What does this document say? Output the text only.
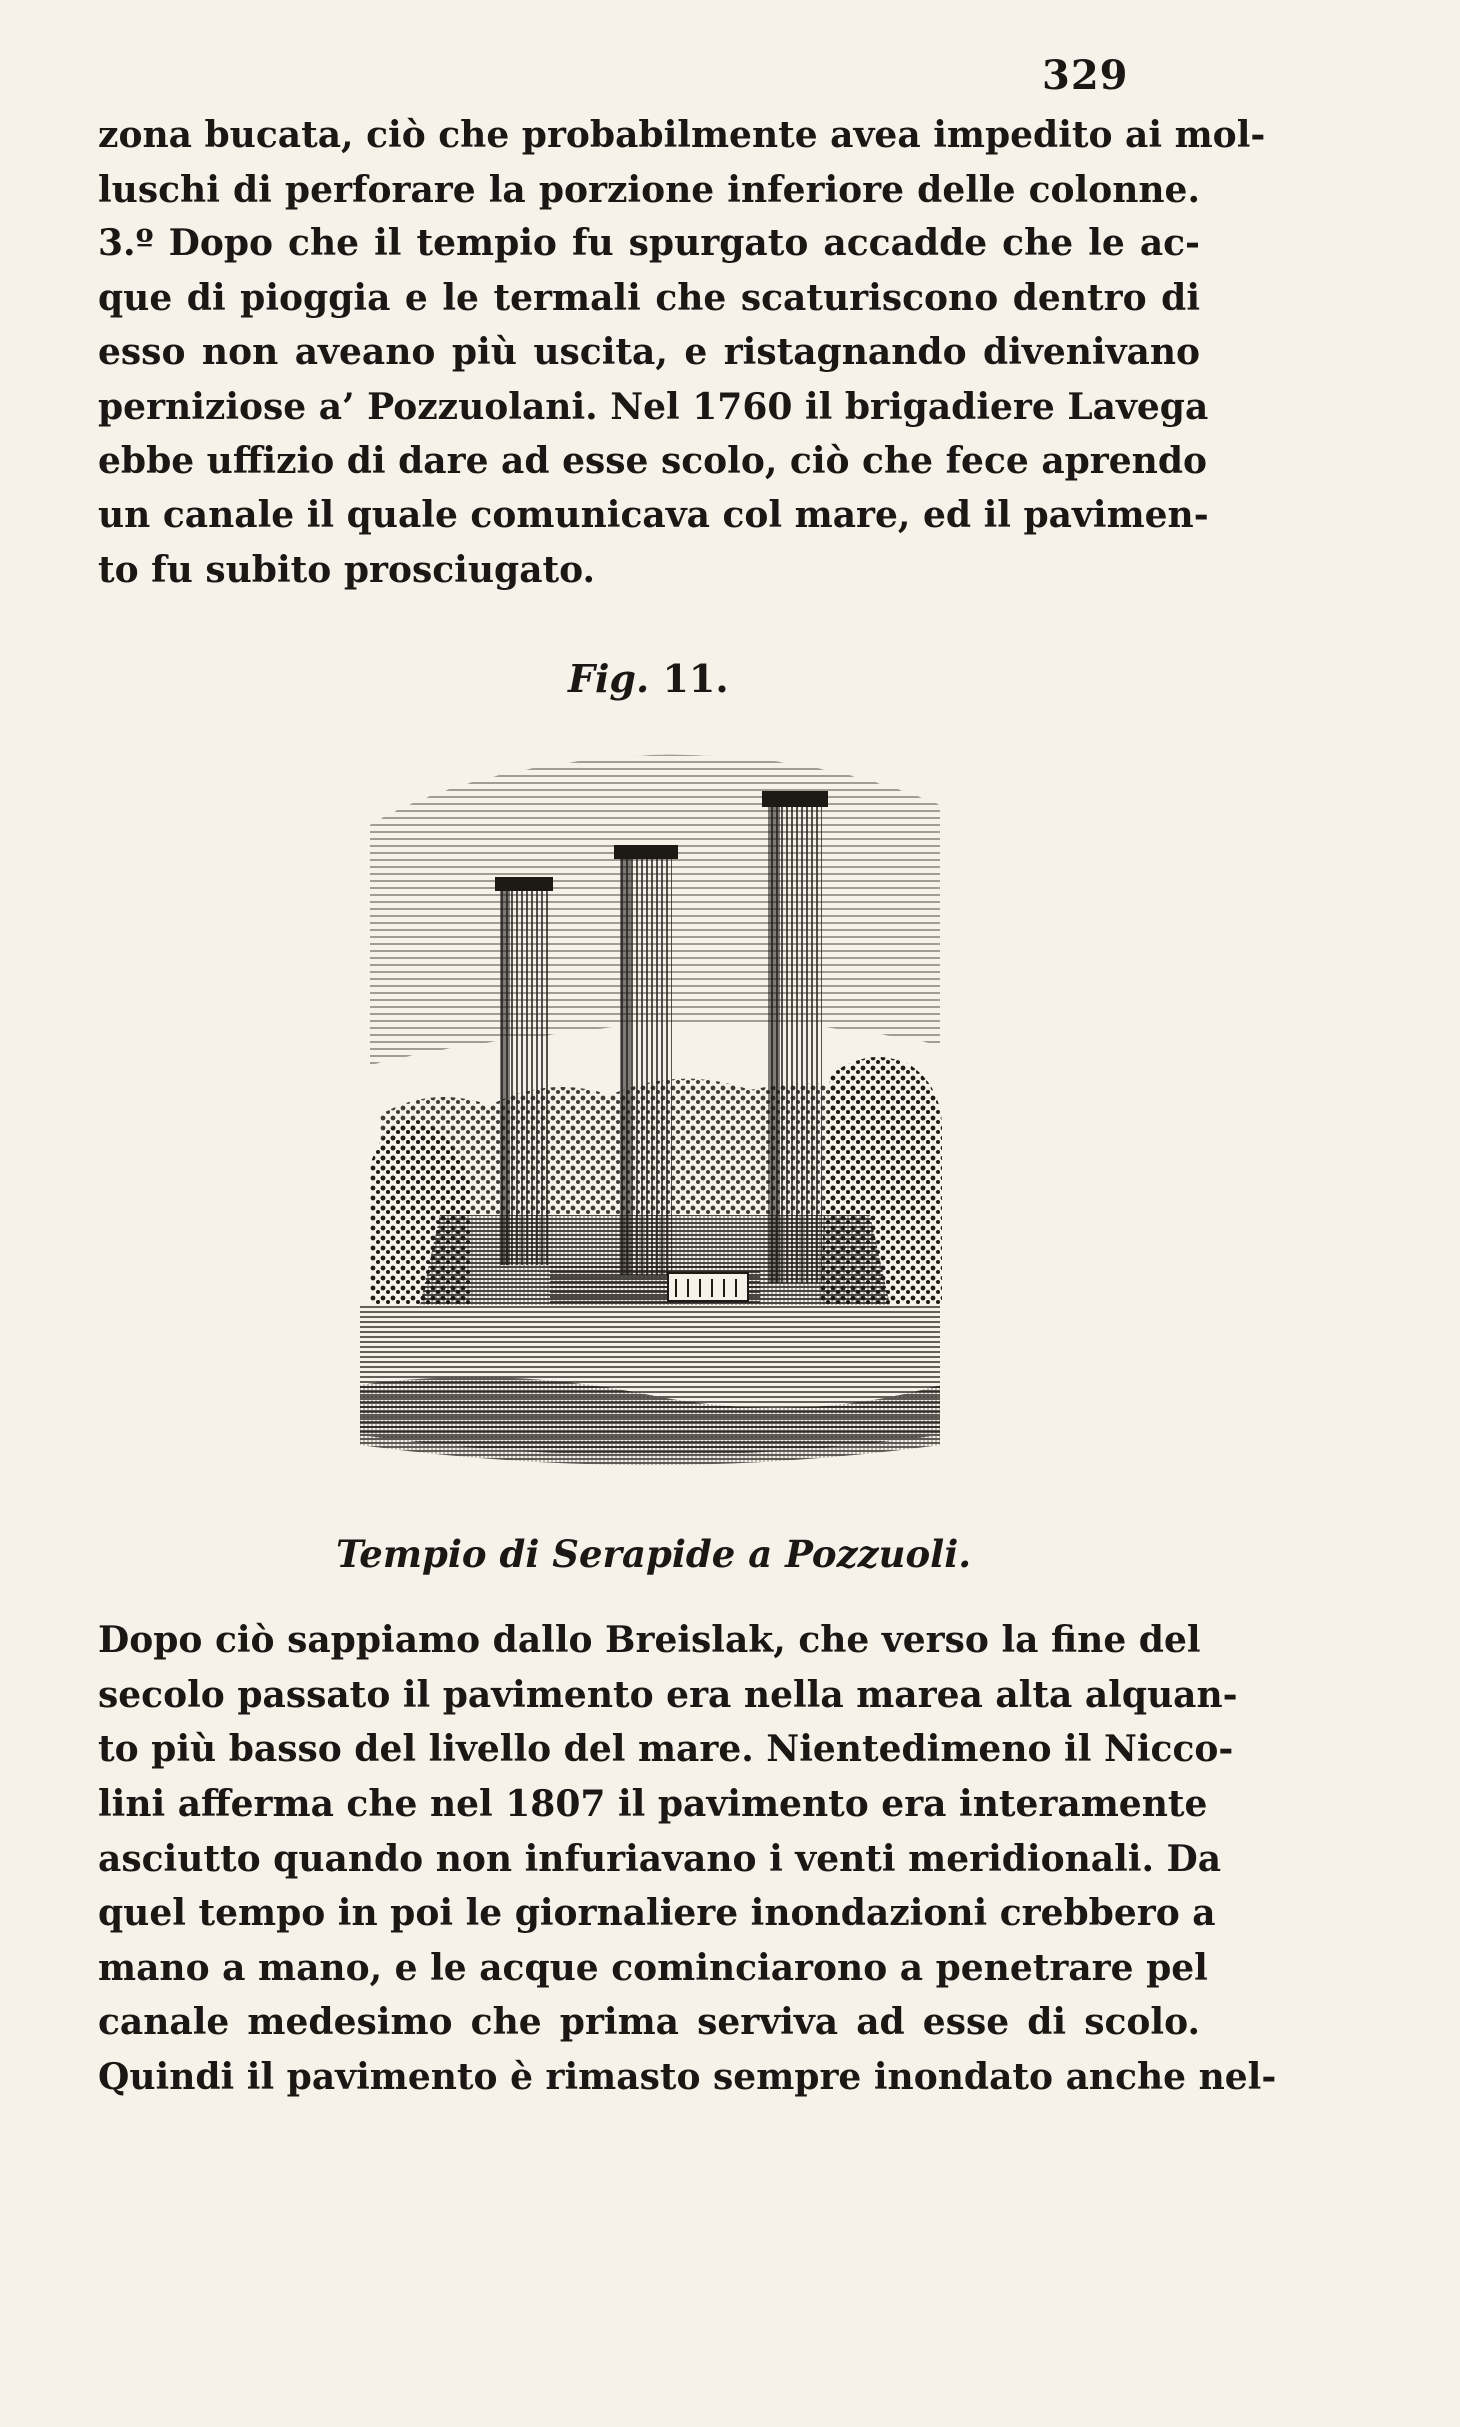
329
zona bucata, ciò che probabilmente avea impedito ai mol-
luschi di perforare la porzione inferiore delle colonne.
3.º Dopo che il tempio fu spurgato accadde che le ac-
que di pioggia e le termali che scaturiscono dentro di
esso non aveano più uscita, e ristagnando divenivano
perniziose a’ Pozzuolani. Nel 1760 il brigadiere Lavega
ebbe uffizio di dare ad esse scolo, ciò che fece aprendo
un canale il quale comunicava col mare, ed il pavimen-
to fu subito prosciugato.
Fig. 11.
Tempio di Serapide a Pozzuoli.
Dopo ciò sappiamo dallo Breislak, che verso la fine del
secolo passato il pavimento era nella marea alta alquan-
to più basso del livello del mare. Nientedimeno il Nicco-
lini afferma che nel 1807 il pavimento era interamente
asciutto quando non infuriavano i venti meridionali. Da
quel tempo in poi le giornaliere inondazioni crebbero a
mano a mano, e le acque cominciarono a penetrare pel
canale medesimo che prima serviva ad esse di scolo.
Quindi il pavimento è rimasto sempre inondato anche nel-
